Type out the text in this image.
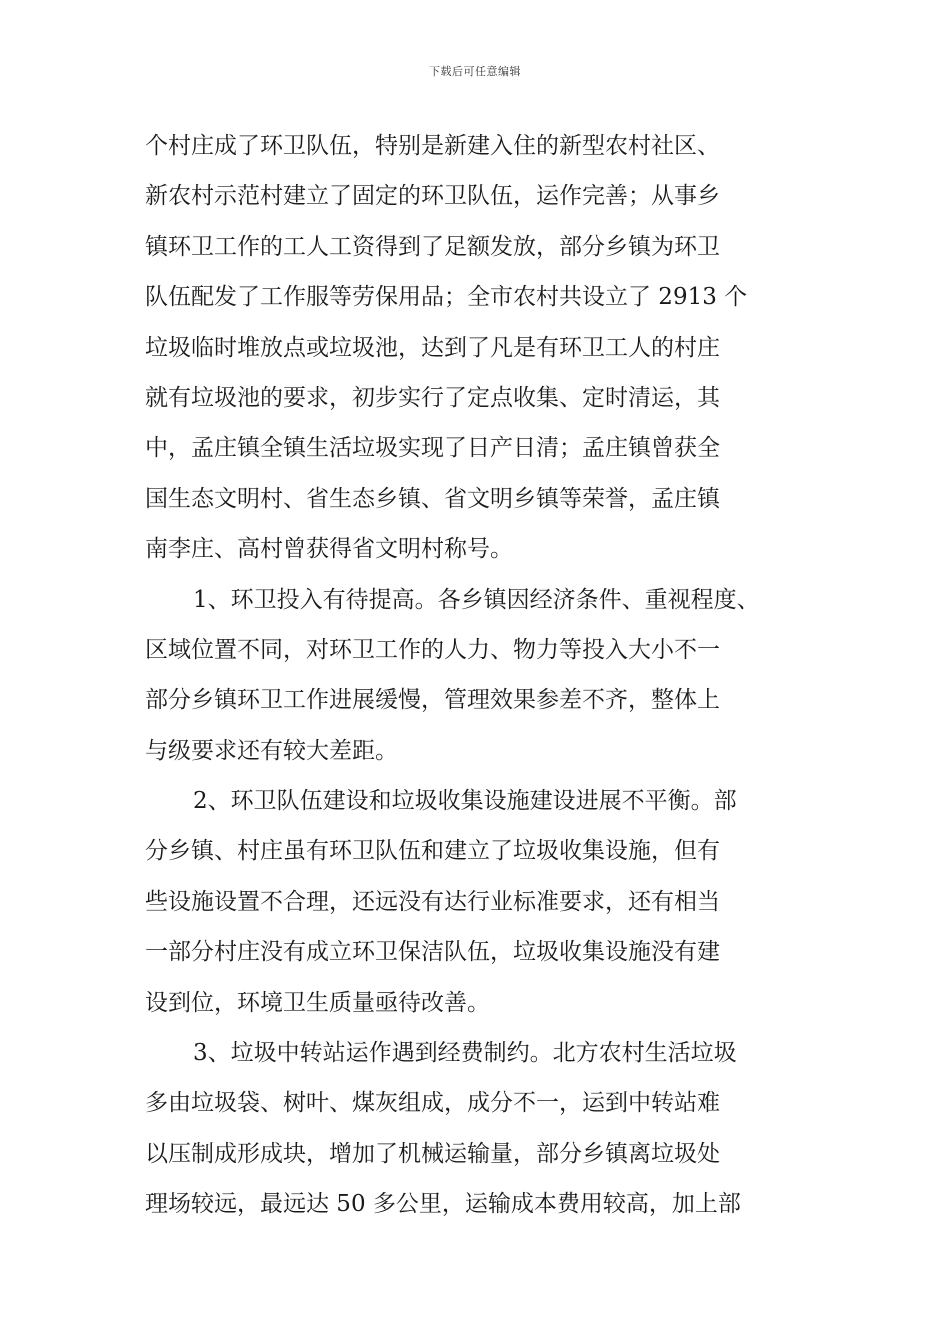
下载后可任意编辑
个村庄成了环卫队伍，特别是新建入住的新型农村社区、
新农村示范村建立了固定的环卫队伍，运作完善；从事乡
镇环卫工作的工人工资得到了足额发放，部分乡镇为环卫
队伍配发了工作服等劳保用品；全市农村共设立了 2913 个
垃圾临时堆放点或垃圾池，达到了凡是有环卫工人的村庄
就有垃圾池的要求，初步实行了定点收集、定时清运，其
中，孟庄镇全镇生活垃圾实现了日产日清；孟庄镇曾获全
国生态文明村、省生态乡镇、省文明乡镇等荣誉，孟庄镇
南李庄、高村曾获得省文明村称号。
1、环卫投入有待提高。各乡镇因经济条件、重视程度、
区域位置不同，对环卫工作的人力、物力等投入大小不一
部分乡镇环卫工作进展缓慢，管理效果参差不齐，整体上
与级要求还有较大差距。
2、环卫队伍建设和垃圾收集设施建设进展不平衡。部
分乡镇、村庄虽有环卫队伍和建立了垃圾收集设施，但有
些设施设置不合理，还远没有达行业标准要求，还有相当
一部分村庄没有成立环卫保洁队伍，垃圾收集设施没有建
设到位，环境卫生质量亟待改善。
3、垃圾中转站运作遇到经费制约。北方农村生活垃圾
多由垃圾袋、树叶、煤灰组成，成分不一，运到中转站难
以压制成形成块，增加了机械运输量，部分乡镇离垃圾处
理场较远，最远达 50 多公里，运输成本费用较高，加上部
